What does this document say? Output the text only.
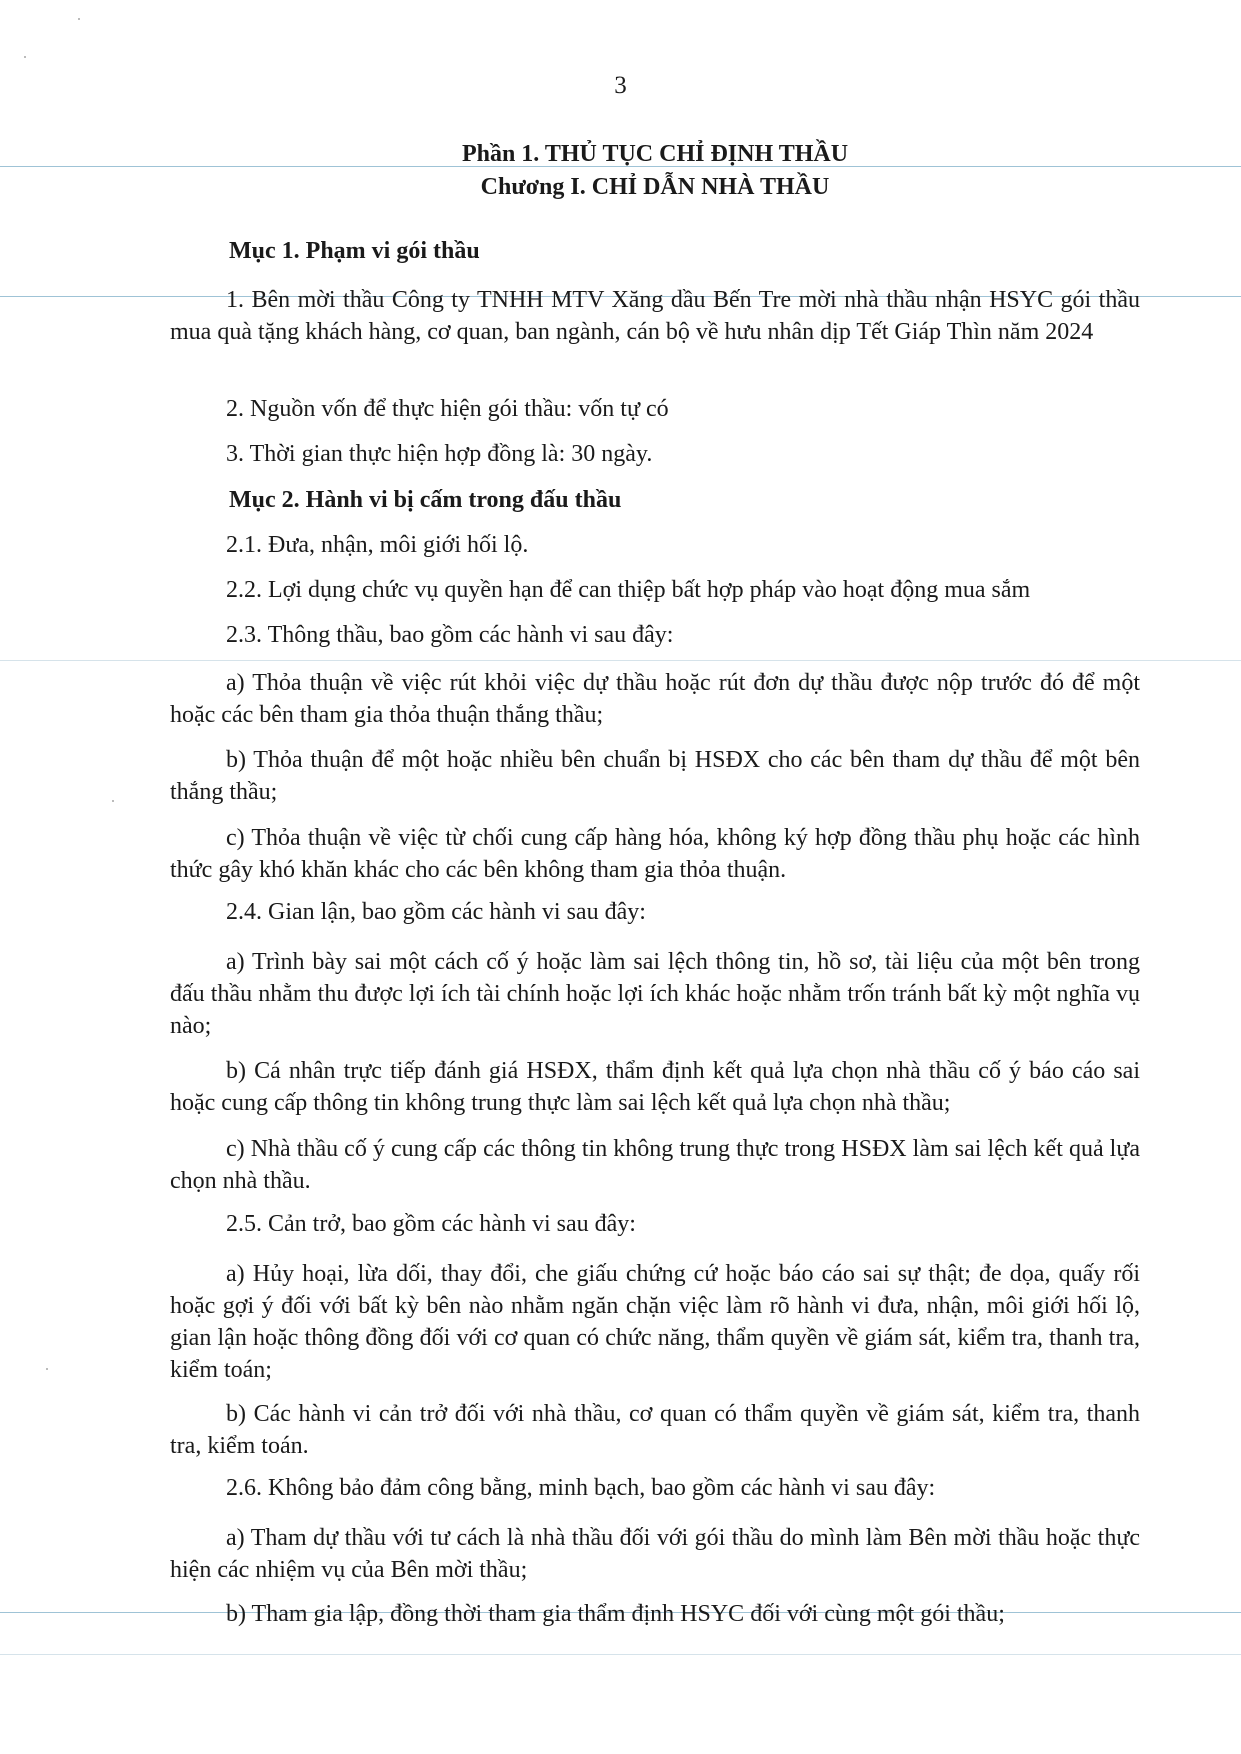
3
Phần 1. THỦ TỤC CHỈ ĐỊNH THẦU
Chương I. CHỈ DẪN NHÀ THẦU
Mục 1. Phạm vi gói thầu
1. Bên mời thầu Công ty TNHH MTV Xăng dầu Bến Tre mời nhà thầu nhận HSYC gói thầu mua quà tặng khách hàng, cơ quan, ban ngành, cán bộ về hưu nhân dịp Tết Giáp Thìn năm 2024
2. Nguồn vốn để thực hiện gói thầu: vốn tự có
3. Thời gian thực hiện hợp đồng là: 30 ngày.
Mục 2. Hành vi bị cấm trong đấu thầu
2.1. Đưa, nhận, môi giới hối lộ.
2.2. Lợi dụng chức vụ quyền hạn để can thiệp bất hợp pháp vào hoạt động mua sắm
2.3. Thông thầu, bao gồm các hành vi sau đây:
a) Thỏa thuận về việc rút khỏi việc dự thầu hoặc rút đơn dự thầu được nộp trước đó để một hoặc các bên tham gia thỏa thuận thắng thầu;
b) Thỏa thuận để một hoặc nhiều bên chuẩn bị HSĐX cho các bên tham dự thầu để một bên thắng thầu;
c) Thỏa thuận về việc từ chối cung cấp hàng hóa, không ký hợp đồng thầu phụ hoặc các hình thức gây khó khăn khác cho các bên không tham gia thỏa thuận.
2.4. Gian lận, bao gồm các hành vi sau đây:
a) Trình bày sai một cách cố ý hoặc làm sai lệch thông tin, hồ sơ, tài liệu của một bên trong đấu thầu nhằm thu được lợi ích tài chính hoặc lợi ích khác hoặc nhằm trốn tránh bất kỳ một nghĩa vụ nào;
b) Cá nhân trực tiếp đánh giá HSĐX, thẩm định kết quả lựa chọn nhà thầu cố ý báo cáo sai hoặc cung cấp thông tin không trung thực làm sai lệch kết quả lựa chọn nhà thầu;
c) Nhà thầu cố ý cung cấp các thông tin không trung thực trong HSĐX làm sai lệch kết quả lựa chọn nhà thầu.
2.5. Cản trở, bao gồm các hành vi sau đây:
a) Hủy hoại, lừa dối, thay đổi, che giấu chứng cứ hoặc báo cáo sai sự thật; đe dọa, quấy rối hoặc gợi ý đối với bất kỳ bên nào nhằm ngăn chặn việc làm rõ hành vi đưa, nhận, môi giới hối lộ, gian lận hoặc thông đồng đối với cơ quan có chức năng, thẩm quyền về giám sát, kiểm tra, thanh tra, kiểm toán;
b) Các hành vi cản trở đối với nhà thầu, cơ quan có thẩm quyền về giám sát, kiểm tra, thanh tra, kiểm toán.
2.6. Không bảo đảm công bằng, minh bạch, bao gồm các hành vi sau đây:
a) Tham dự thầu với tư cách là nhà thầu đối với gói thầu do mình làm Bên mời thầu hoặc thực hiện các nhiệm vụ của Bên mời thầu;
b) Tham gia lập, đồng thời tham gia thẩm định HSYC đối với cùng một gói thầu;
